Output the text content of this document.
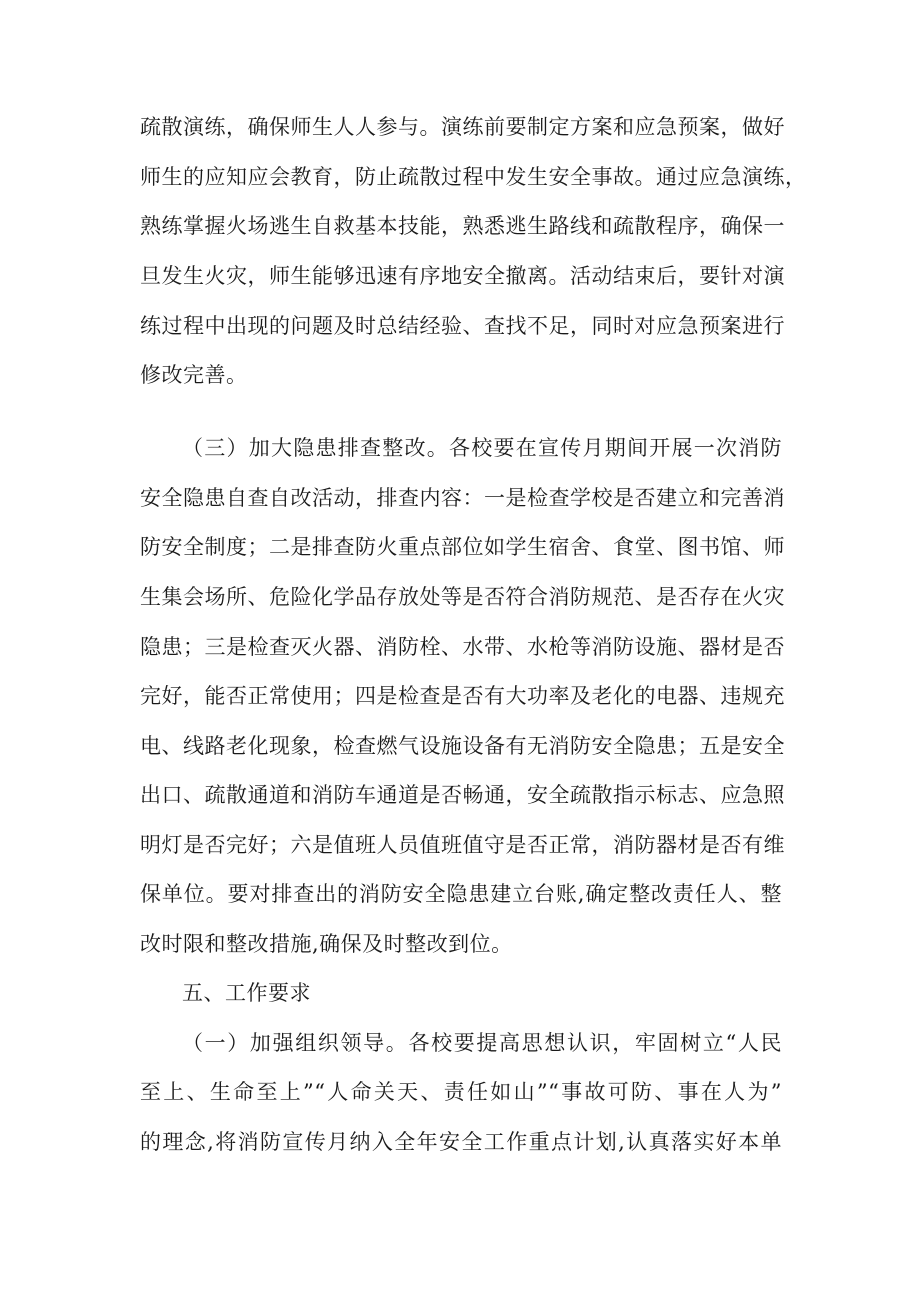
疏散演练，确保师生人人参与。演练前要制定方案和应急预案，做好
师生的应知应会教育，防止疏散过程中发生安全事故。通过应急演练，
熟练掌握火场逃生自救基本技能，熟悉逃生路线和疏散程序，确保一
旦发生火灾，师生能够迅速有序地安全撤离。活动结束后，要针对演
练过程中出现的问题及时总结经验、查找不足，同时对应急预案进行
修改完善。
（三）加大隐患排查整改。各校要在宣传月期间开展一次消防
安全隐患自查自改活动，排查内容：一是检查学校是否建立和完善消
防安全制度；二是排查防火重点部位如学生宿舍、食堂、图书馆、师
生集会场所、危险化学品存放处等是否符合消防规范、是否存在火灾
隐患；三是检查灭火器、消防栓、水带、水枪等消防设施、器材是否
完好，能否正常使用；四是检查是否有大功率及老化的电器、违规充
电、线路老化现象，检查燃气设施设备有无消防安全隐患；五是安全
出口、疏散通道和消防车通道是否畅通，安全疏散指示标志、应急照
明灯是否完好；六是值班人员值班值守是否正常，消防器材是否有维
保单位。要对排查出的消防安全隐患建立台账,确定整改责任人、整
改时限和整改措施,确保及时整改到位。
五、工作要求
（一）加强组织领导。各校要提高思想认识，牢固树立“人民
至上、生命至上”“人命关天、责任如山”“事故可防、事在人为”
的理念,将消防宣传月纳入全年安全工作重点计划,认真落实好本单
